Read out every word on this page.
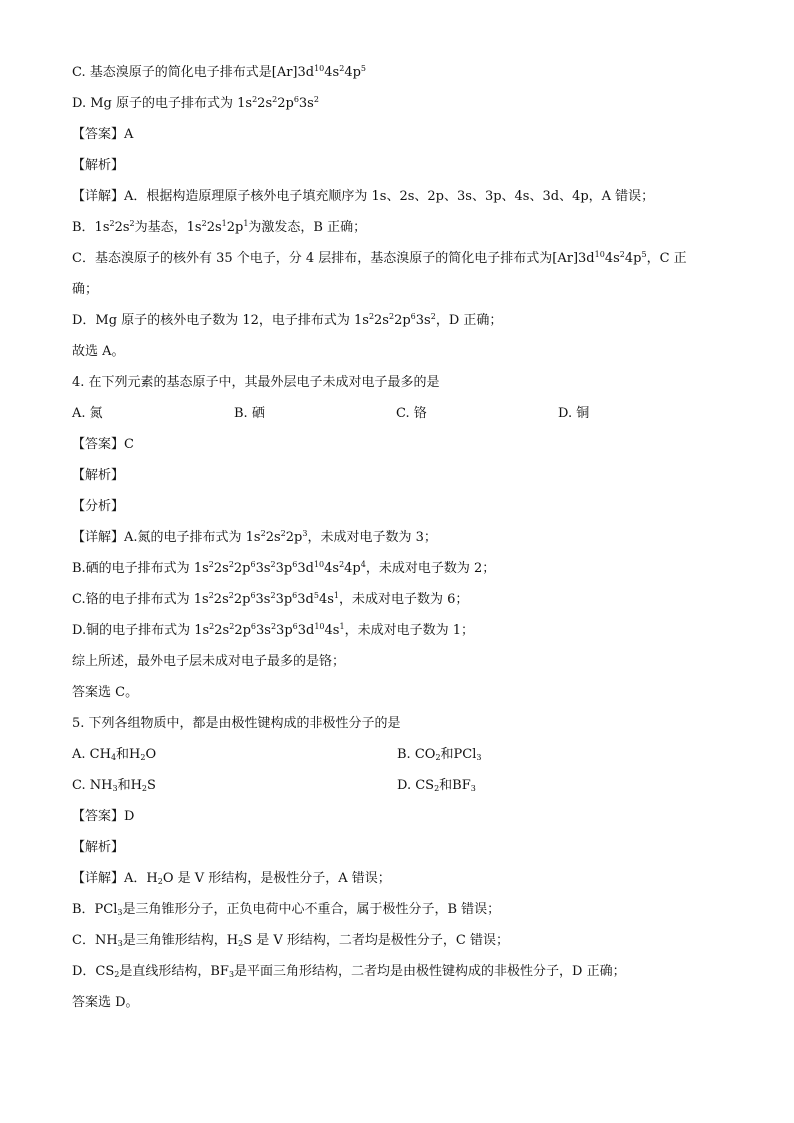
C. 基态溴原子的简化电子排布式是$[Ar]3d^{10}4s^24p^5$
D. Mg 原子的电子排布式为 $1s^22s^22p^63s^2$
【答案】A
【解析】
【详解】A．根据构造原理原子核外电子填充顺序为 1s、2s、2p、3s、3p、4s、3d、4p，A 错误；
B．$1s^22s^2$为基态，$1s^22s^12p^1$为激发态，B 正确；
C．基态溴原子的核外有 35 个电子，分 4 层排布，基态溴原子的简化电子排布式为$[Ar]3d^{10}4s^24p^5$，C 正
确；
D．Mg 原子的核外电子数为 12，电子排布式为 $1s^22s^22p^63s^2$，D 正确；
故选 A。
4. 在下列元素的基态原子中，其最外层电子未成对电子最多的是
A. 氮	B. 硒	C. 铬	D. 铜
【答案】C
【解析】
【分析】
【详解】A.氮的电子排布式为 $1s^22s^22p^3$，未成对电子数为 3；
B.硒的电子排布式为 $1s^22s^22p^63s^23p^63d^{10}4s^24p^4$，未成对电子数为 2；
C.铬的电子排布式为 $1s^22s^22p^63s^23p^63d^54s^1$，未成对电子数为 6；
D.铜的电子排布式为 $1s^22s^22p^63s^23p^63d^{10}4s^1$，未成对电子数为 1；
综上所述，最外电子层未成对电子最多的是铬；
答案选 C。
5. 下列各组物质中，都是由极性键构成的非极性分子的是
A. $CH_4$和$H_2O$	B. $CO_2$和PCl$_3$
C. $NH_3$和$H_2S$	D. $CS_2$和$BF_3$
【答案】D
【解析】
【详解】A．$H_2O$ 是 V 形结构，是极性分子，A 错误；
B．PCl$_3$是三角锥形分子，正负电荷中心不重合，属于极性分子，B 错误；
C．$NH_3$是三角锥形结构，$H_2S$ 是 V 形结构，二者均是极性分子，C 错误；
D．$CS_2$是直线形结构，$BF_3$是平面三角形结构，二者均是由极性键构成的非极性分子，D 正确；
答案选 D。
